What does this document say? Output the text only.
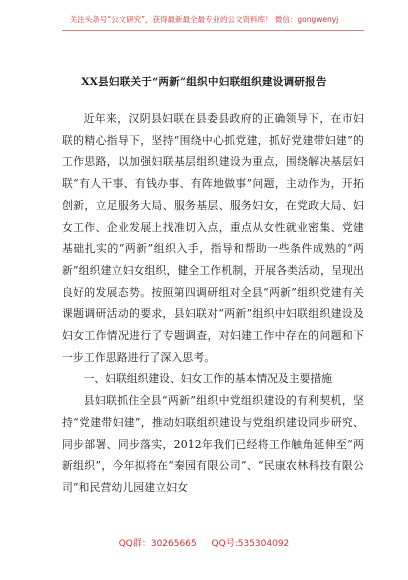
关注头条号“公文研究”，获得最新最全最专业的公文资料库！ 微信：gongwenyj
XX县妇联关于“两新”组织中妇联组织建设调研报告

近年来，汉阴县妇联在县委县政府的正确领导下，在市妇联的精心指导下，坚持“围绕中心抓党建，抓好党建带妇建”的工作思路，以加强妇联基层组织建设为重点，围绕解决基层妇联“有人干事、有钱办事、有阵地做事”问题，主动作为，开拓创新，立足服务大局、服务基层、服务妇女，在党政大局、妇女工作、企业发展上找准切入点，重点从女性就业密集、党建基础扎实的“两新”组织入手，指导和帮助一些条件成熟的“两新”组织建立妇女组织，健全工作机制，开展各类活动，呈现出良好的发展态势。按照第四调研组对全县“两新”组织党建有关课题调研活动的要求，县妇联对“两新”组织中妇联组织建设及妇女工作情况进行了专题调查，对妇建工作中存在的问题和下一步工作思路进行了深入思考。

一、妇联组织建设、妇女工作的基本情况及主要措施

县妇联抓住全县“两新”组织中党组织建设的有利契机，坚持“党建带妇建”，推动妇联组织建设与党组织建设同步研究、同步部署、同步落实，2012年我们已经将工作触角延伸至“两新组织”，今年拟将在“秦园有限公司”、“民康农林科技有限公司”和民营幼儿园建立妇女

QQ群：30265665 QQ号:535304092
